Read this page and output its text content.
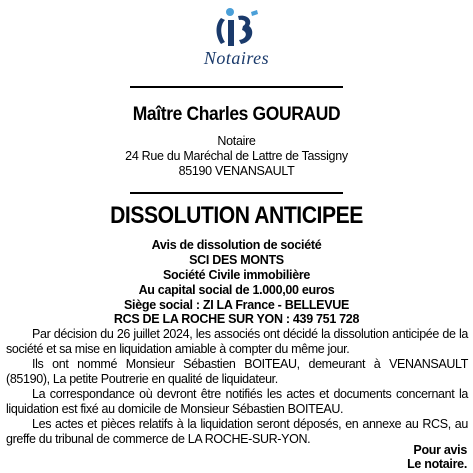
Notaires
Maître Charles GOURAUD
Notaire
24 Rue du Maréchal de Lattre de Tassigny
85190 VENANSAULT
DISSOLUTION ANTICIPEE
Avis de dissolution de société
SCI DES MONTS
Société Civile immobilière
Au capital social de 1.000,00 euros
Siège social : ZI LA France - BELLEVUE
RCS DE LA ROCHE SUR YON : 439 751 728

Par décision du 26 juillet 2024, les associés ont décidé la dissolution anticipée de la société et sa mise en liquidation amiable à compter du même jour.

Ils ont nommé Monsieur Sébastien BOITEAU, demeurant à VENANSAULT (85190), La petite Poutrerie en qualité de liquidateur.

La correspondance où devront être notifiés les actes et documents concernant la liquidation est fixé au domicile de Monsieur Sébastien BOITEAU.

Les actes et pièces relatifs à la liquidation seront déposés, en annexe au RCS, au greffe du tribunal de commerce de LA ROCHE-SUR-YON.

Pour avis
Le notaire.
